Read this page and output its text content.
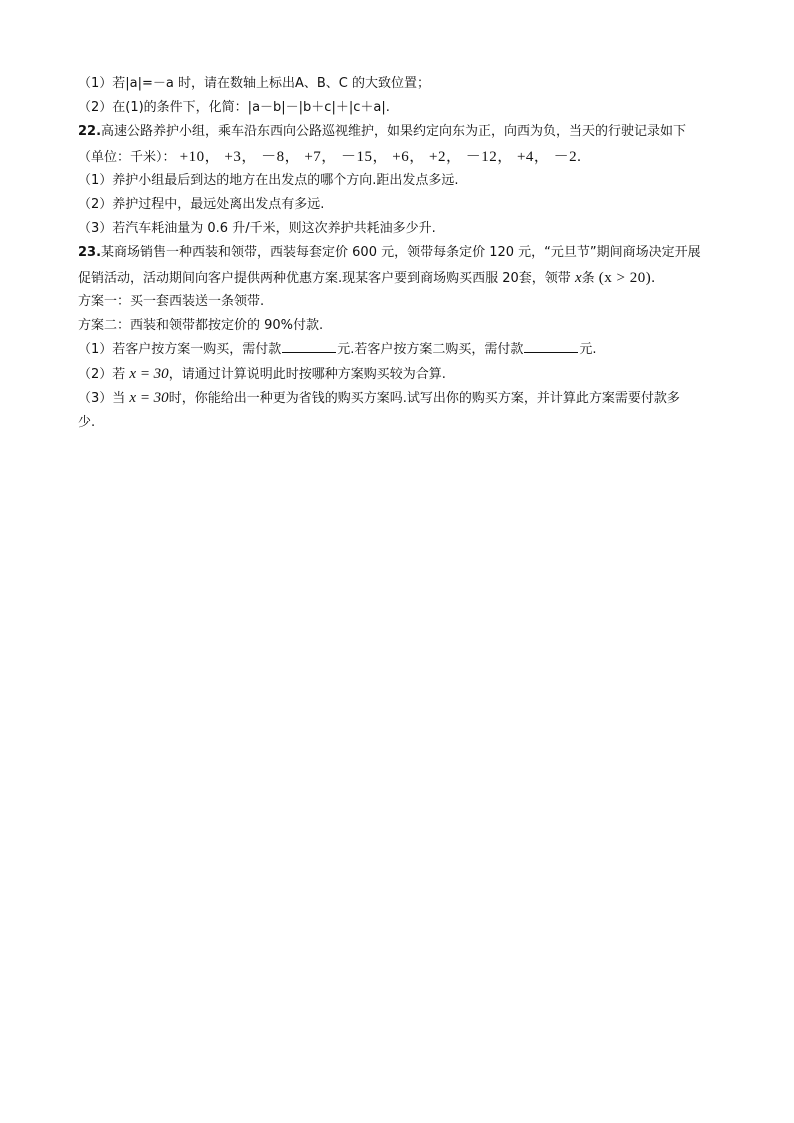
（1）若|a|=－a 时，请在数轴上标出A、B、C 的大致位置；
（2）在(1)的条件下，化简：|a－b|－|b＋c|＋|c＋a|.
22.高速公路养护小组，乘车沿东西向公路巡视维护，如果约定向东为正，向西为负，当天的行驶记录如下
（单位：千米）： +10， +3， －8， +7， －15， +6， +2， －12， +4， －2.
（1）养护小组最后到达的地方在出发点的哪个方向.距出发点多远.
（2）养护过程中，最远处离出发点有多远.
（3）若汽车耗油量为 0.6 升/千米，则这次养护共耗油多少升.
23.某商场销售一种西装和领带，西装每套定价 600 元，领带每条定价 120 元，“元旦节”期间商场决定开展
促销活动，活动期间向客户提供两种优惠方案.现某客户要到商场购买西服 20套，领带 x条 (x > 20).
方案一：买一套西装送一条领带.
方案二：西装和领带都按定价的 90%付款.
（1）若客户按方案一购买，需付款	元.若客户按方案二购买，需付款	元.
（2）若 x = 30，请通过计算说明此时按哪种方案购买较为合算.
（3）当 x = 30时，你能给出一种更为省钱的购买方案吗.试写出你的购买方案，并计算此方案需要付款多
少.
